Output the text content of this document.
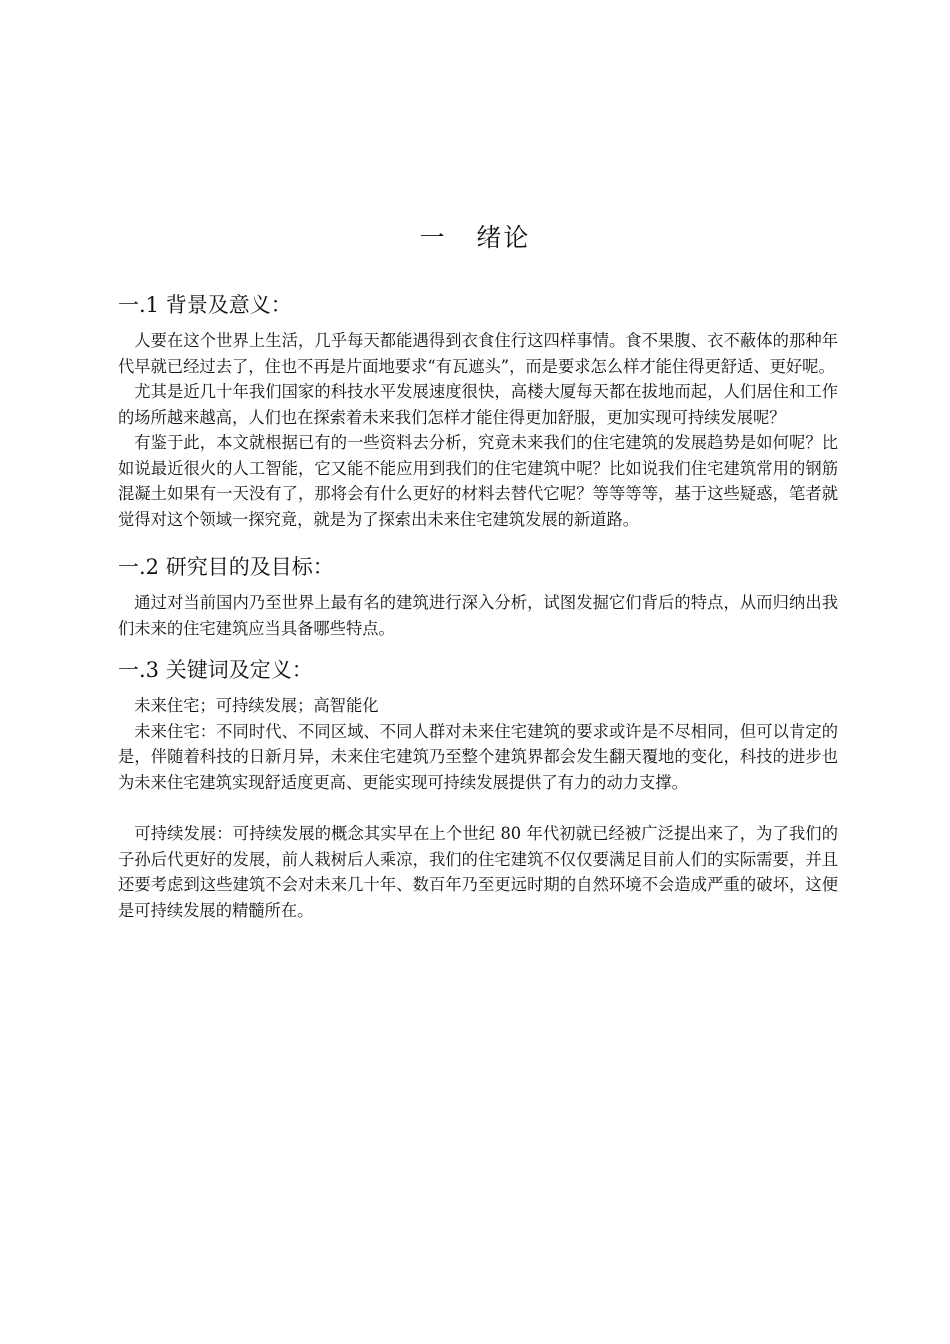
一 绪论
一.1 背景及意义：

人要在这个世界上生活，几乎每天都能遇得到衣食住行这四样事情。食不果腹、衣不蔽体的那种年代早就已经过去了，住也不再是片面地要求“有瓦遮头”，而是要求怎么样才能住得更舒适、更好呢。

尤其是近几十年我们国家的科技水平发展速度很快，高楼大厦每天都在拔地而起，人们居住和工作的场所越来越高，人们也在探索着未来我们怎样才能住得更加舒服，更加实现可持续发展呢？

有鉴于此，本文就根据已有的一些资料去分析，究竟未来我们的住宅建筑的发展趋势是如何呢？比如说最近很火的人工智能，它又能不能应用到我们的住宅建筑中呢？比如说我们住宅建筑常用的钢筋混凝土如果有一天没有了，那将会有什么更好的材料去替代它呢？等等等等，基于这些疑惑，笔者就觉得对这个领域一探究竟，就是为了探索出未来住宅建筑发展的新道路。

一.2 研究目的及目标：

通过对当前国内乃至世界上最有名的建筑进行深入分析，试图发掘它们背后的特点，从而归纳出我们未来的住宅建筑应当具备哪些特点。

一.3 关键词及定义：

未来住宅；可持续发展；高智能化

未来住宅：不同时代、不同区域、不同人群对未来住宅建筑的要求或许是不尽相同，但可以肯定的是，伴随着科技的日新月异，未来住宅建筑乃至整个建筑界都会发生翻天覆地的变化，科技的进步也为未来住宅建筑实现舒适度更高、更能实现可持续发展提供了有力的动力支撑。

可持续发展：可持续发展的概念其实早在上个世纪 80 年代初就已经被广泛提出来了，为了我们的子孙后代更好的发展，前人栽树后人乘凉，我们的住宅建筑不仅仅要满足目前人们的实际需要，并且还要考虑到这些建筑不会对未来几十年、数百年乃至更远时期的自然环境不会造成严重的破坏，这便是可持续发展的精髓所在。
